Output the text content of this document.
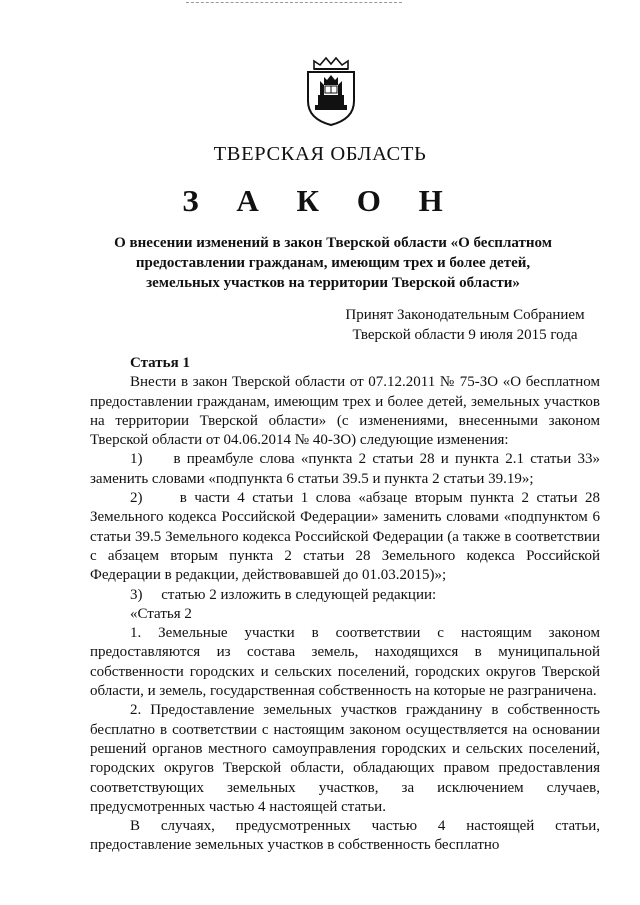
ТВЕРСКАЯ ОБЛАСТЬ
З А К О Н
О внесении изменений в закон Тверской области «О бесплатном предоставлении гражданам, имеющим трех и более детей, земельных участков на территории Тверской области»
Принят Законодательным Собранием
Тверской области 9 июля 2015 года

Статья 1

Внести в закон Тверской области от 07.12.2011 № 75-ЗО «О бесплатном предоставлении гражданам, имеющим трех и более детей, земельных участков на территории Тверской области» (с изменениями, внесенными законом Тверской области от 04.06.2014 № 40-ЗО) следующие изменения:

1)     в преамбуле слова «пункта 2 статьи 28 и пункта 2.1 статьи 33» заменить словами «подпункта 6 статьи 39.5 и пункта 2 статьи 39.19»;

2)     в части 4 статьи 1 слова «абзаце вторым пункта 2 статьи 28 Земельного кодекса Российской Федерации» заменить словами «подпунктом 6 статьи 39.5 Земельного кодекса Российской Федерации (а также в соответствии с абзацем вторым пункта 2 статьи 28 Земельного кодекса Российской Федерации в редакции, действовавшей до 01.03.2015)»;

3)     статью 2 изложить в следующей редакции:

«Статья 2

1. Земельные участки в соответствии с настоящим законом предоставляются из состава земель, находящихся в муниципальной собственности городских и сельских поселений, городских округов Тверской области, и земель, государственная собственность на которые не разграничена.

2. Предоставление земельных участков гражданину в собственность бесплатно в соответствии с настоящим законом осуществляется на основании решений органов местного самоуправления городских и сельских поселений, городских округов Тверской области, обладающих правом предоставления соответствующих земельных участков, за исключением случаев, предусмотренных частью 4 настоящей статьи.

В случаях, предусмотренных частью 4 настоящей статьи, предоставление земельных участков в собственность бесплатно
